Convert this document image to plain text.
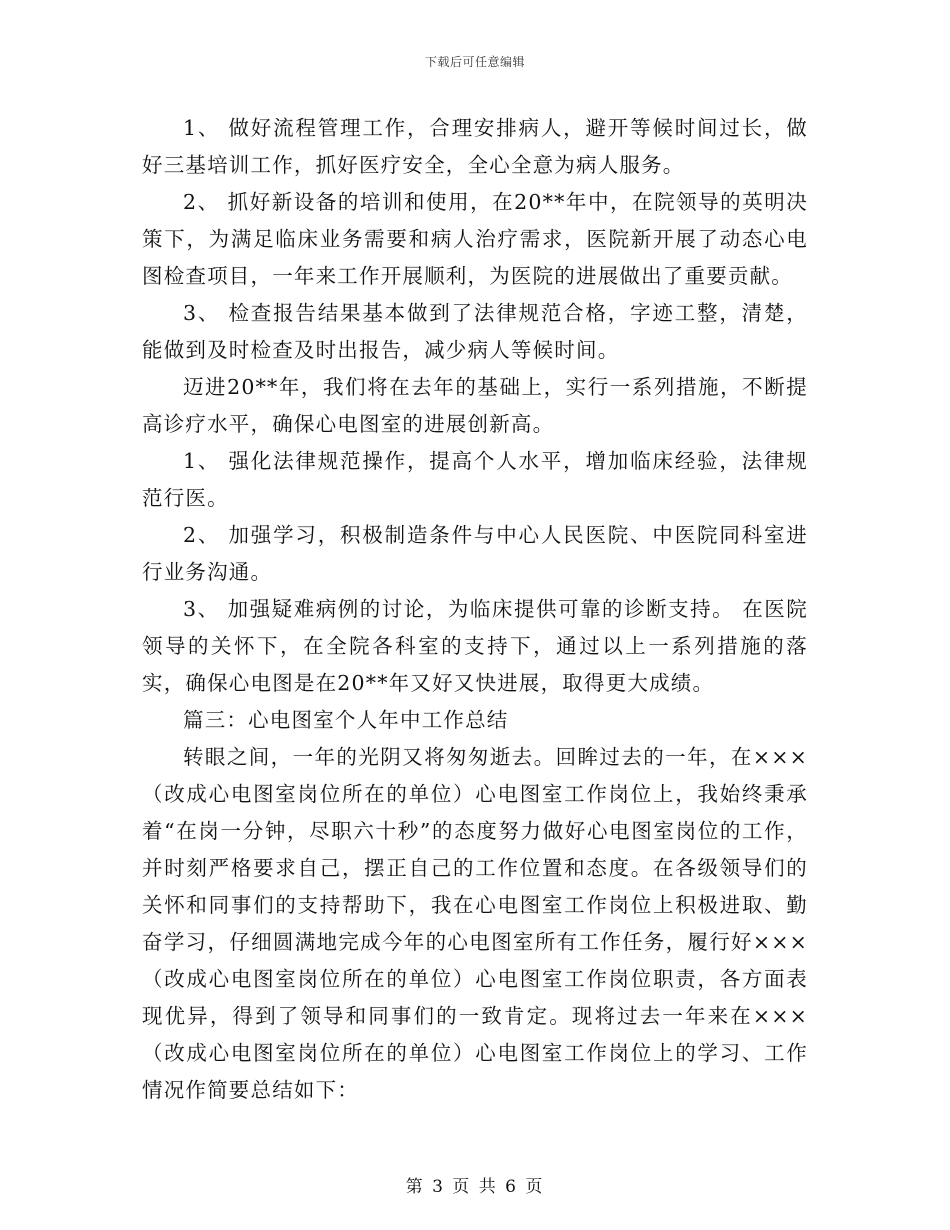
下载后可任意编辑

1、 做好流程管理工作，合理安排病人，避开等候时间过长，做好三基培训工作，抓好医疗安全，全心全意为病人服务。

2、 抓好新设备的培训和使用，在20**年中，在院领导的英明决策下，为满足临床业务需要和病人治疗需求，医院新开展了动态心电图检查项目，一年来工作开展顺利，为医院的进展做出了重要贡献。

3、 检查报告结果基本做到了法律规范合格，字迹工整，清楚，能做到及时检查及时出报告，减少病人等候时间。

迈进20**年，我们将在去年的基础上，实行一系列措施，不断提高诊疗水平，确保心电图室的进展创新高。

1、 强化法律规范操作，提高个人水平，增加临床经验，法律规范行医。

2、 加强学习，积极制造条件与中心人民医院、中医院同科室进行业务沟通。

3、 加强疑难病例的讨论，为临床提供可靠的诊断支持。 在医院领导的关怀下，在全院各科室的支持下，通过以上一系列措施的落实，确保心电图是在20**年又好又快进展，取得更大成绩。

篇三：心电图室个人年中工作总结

转眼之间，一年的光阴又将匆匆逝去。回眸过去的一年，在×××（改成心电图室岗位所在的单位）心电图室工作岗位上，我始终秉承着“在岗一分钟，尽职六十秒”的态度努力做好心电图室岗位的工作，并时刻严格要求自己，摆正自己的工作位置和态度。在各级领导们的关怀和同事们的支持帮助下，我在心电图室工作岗位上积极进取、勤奋学习，仔细圆满地完成今年的心电图室所有工作任务，履行好×××（改成心电图室岗位所在的单位）心电图室工作岗位职责，各方面表现优异，得到了领导和同事们的一致肯定。现将过去一年来在×××（改成心电图室岗位所在的单位）心电图室工作岗位上的学习、工作情况作简要总结如下：

第 3 页 共 6 页
